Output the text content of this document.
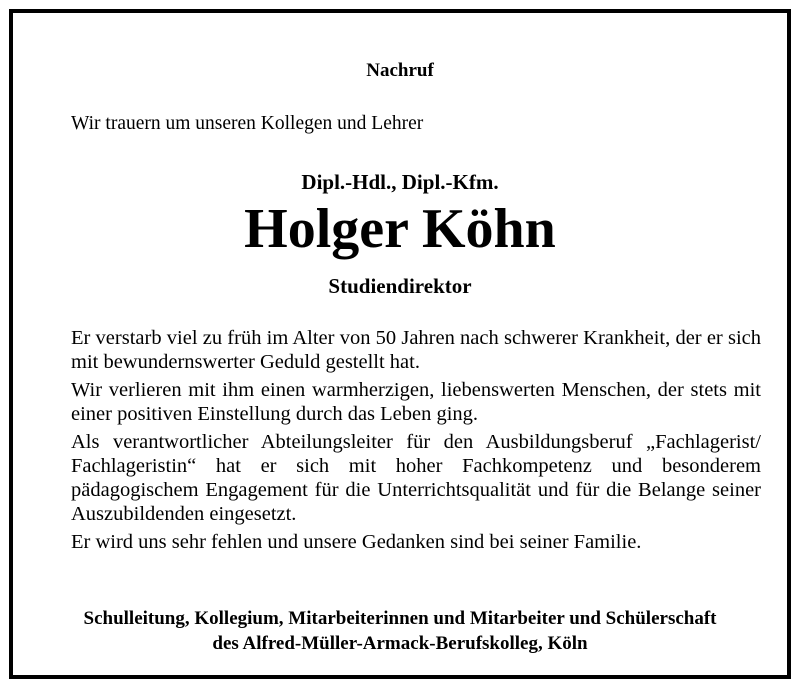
Nachruf
Wir trauern um unseren Kollegen und Lehrer
Dipl.-Hdl., Dipl.-Kfm.
Holger Köhn
Studiendirektor

Er verstarb viel zu früh im Alter von 50 Jahren nach schwerer Krankheit, der er sich mit bewundernswerter Geduld gestellt hat.

Wir verlieren mit ihm einen warmherzigen, liebenswerten Menschen, der stets mit einer positiven Einstellung durch das Leben ging.

Als verantwortlicher Abteilungsleiter für den Ausbildungsberuf „Fachlagerist/ Fachlageristin“ hat er sich mit hoher Fachkompetenz und besonderem pädagogischem Engagement für die Unterrichtsqualität und für die Belange seiner Auszubildenden eingesetzt.

Er wird uns sehr fehlen und unsere Gedanken sind bei seiner Familie.

Schulleitung, Kollegium, Mitarbeiterinnen und Mitarbeiter und Schülerschaft
des Alfred-Müller-Armack-Berufskolleg, Köln
